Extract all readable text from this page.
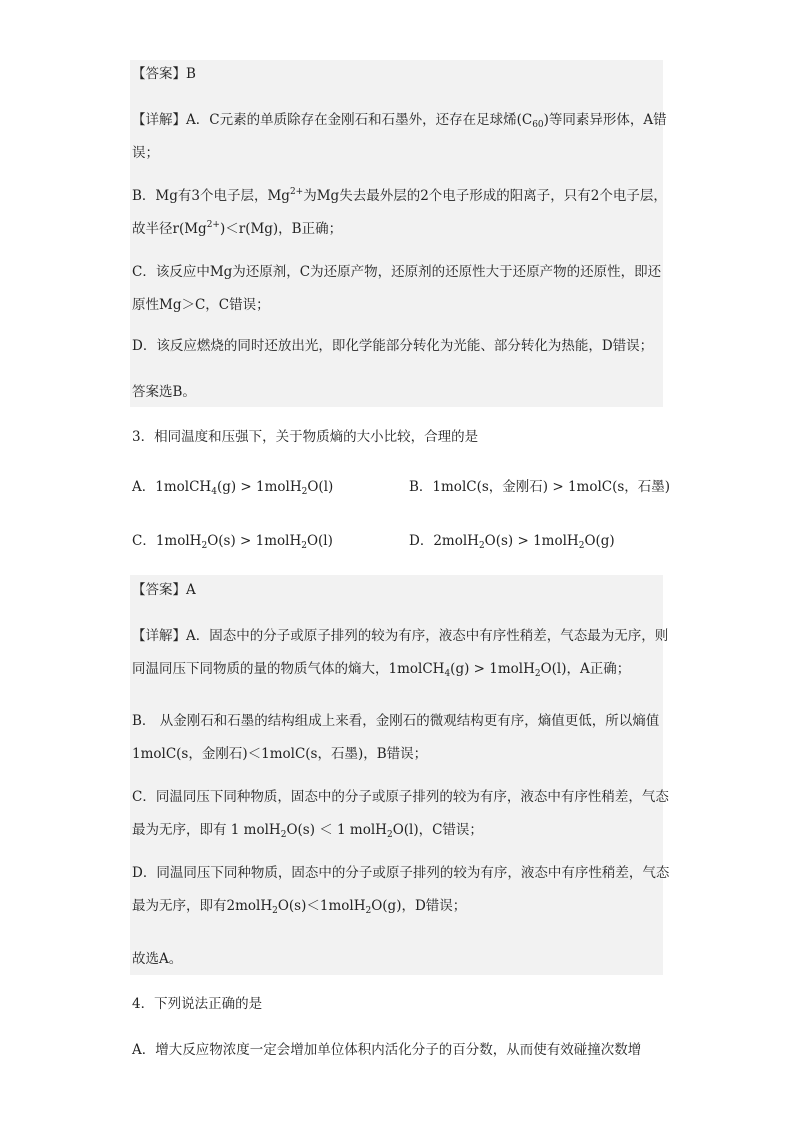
【答案】B
【详解】A．C元素的单质除存在金刚石和石墨外，还存在足球烯$(C_{60})$等同素异形体，A错误；
B．Mg有3个电子层，$Mg^{2+}$为Mg失去最外层的2个电子形成的阳离子，只有2个电子层，故半径$r(Mg^{2+})<r(Mg)$，B正确；
C．该反应中Mg为还原剂，C为还原产物，还原剂的还原性大于还原产物的还原性，即还原性Mg＞C，C错误；
D．该反应燃烧的同时还放出光，即化学能部分转化为光能、部分转化为热能，D错误；
答案选B。
3．相同温度和压强下，关于物质熵的大小比较，合理的是
A．1molCH$_4$(g) > 1molH$_2$O(l)	B．1molC(s，金刚石) > 1molC(s，石墨)
C．1molH$_2$O(s) > 1molH$_2$O(l)	D．2molH$_2$O(s) > 1molH$_2$O(g)
【答案】A
【详解】A．固态中的分子或原子排列的较为有序，液态中有序性稍差，气态最为无序，则同温同压下同物质的量的物质气体的熵大，1molCH$_4$(g) > 1molH$_2$O(l)，A正确；
B． 从金刚石和石墨的结构组成上来看，金刚石的微观结构更有序，熵值更低，所以熵值1molC(s，金刚石)＜1molC(s，石墨)，B错误；
C．同温同压下同种物质，固态中的分子或原子排列的较为有序，液态中有序性稍差，气态最为无序，即有 1 molH$_2$O(s) ＜ 1 molH$_2$O(l)，C错误；
D．同温同压下同种物质，固态中的分子或原子排列的较为有序，液态中有序性稍差，气态最为无序，即有2molH$_2$O(s)＜1molH$_2$O(g)，D错误；
故选A。
4．下列说法正确的是
A．增大反应物浓度一定会增加单位体积内活化分子的百分数，从而使有效碰撞次数增
